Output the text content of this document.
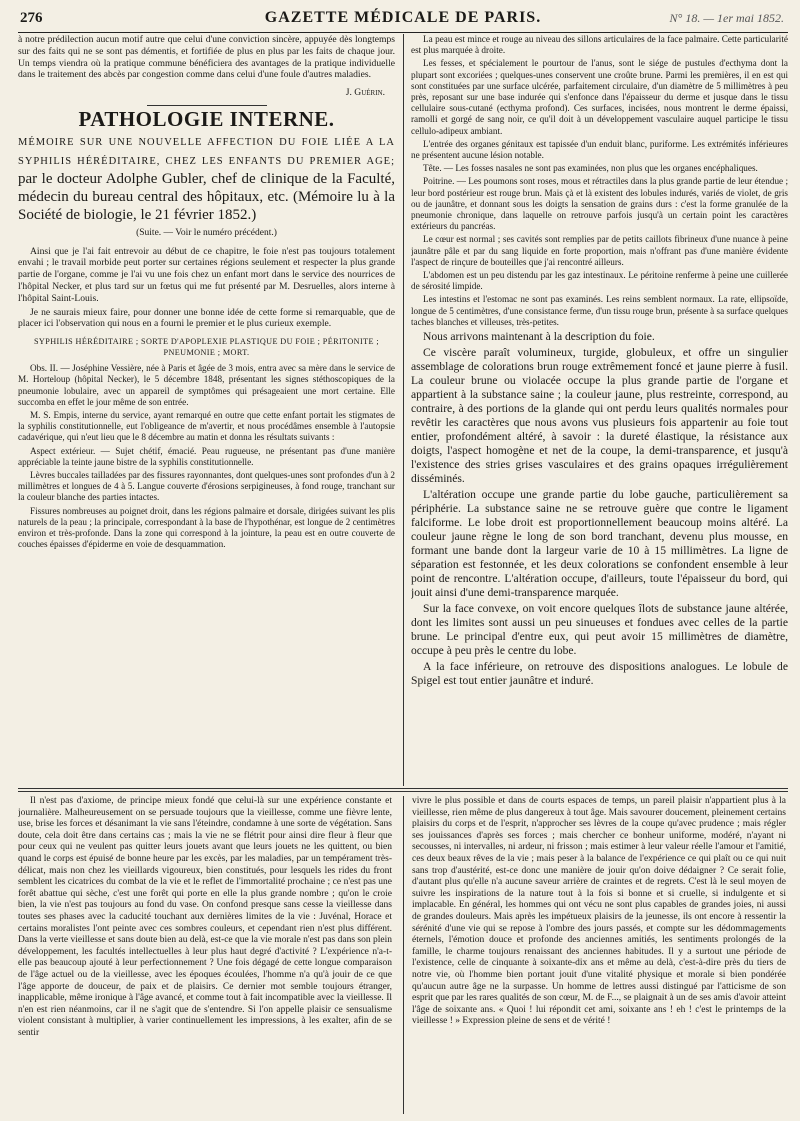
276	GAZETTE MÉDICALE DE PARIS.	N° 18. — 1er mai 1852.

à notre prédilection aucun motif autre que celui d'une conviction sincère, appuyée dès longtemps sur des faits qui ne se sont pas démentis, et fortifiée de plus en plus par les faits de chaque jour. Un temps viendra où la pratique commune bénéficiera des avantages de la pratique individuelle dans le traitement des abcès par congestion comme dans celui d'une foule d'autres maladies.

J. Guérin.
PATHOLOGIE INTERNE.
MÉMOIRE SUR UNE NOUVELLE AFFECTION DU FOIE LIÉE A LA SYPHILIS HÉRÉDITAIRE, CHEZ LES ENFANTS DU PREMIER AGE; par le docteur Adolphe Gubler, chef de clinique de la Faculté, médecin du bureau central des hôpitaux, etc. (Mémoire lu à la Société de biologie, le 21 février 1852.)
(Suite. — Voir le numéro précédent.)

Ainsi que je l'ai fait entrevoir au début de ce chapitre, le foie n'est pas toujours totalement envahi ; le travail morbide peut porter sur certaines régions seulement et respecter la plus grande partie de l'organe, comme je l'ai vu une fois chez un enfant mort dans le service des nourrices de l'hôpital Necker, et plus tard sur un fœtus qui me fut présenté par M. Desruelles, alors interne à l'hôpital Saint-Louis.

Je ne saurais mieux faire, pour donner une bonne idée de cette forme si remarquable, que de placer ici l'observation qui nous en a fourni le premier et le plus curieux exemple.

SYPHILIS HÉRÉDITAIRE ; SORTE D'APOPLEXIE PLASTIQUE DU FOIE ; PÉRITONITE ; PNEUMONIE ; MORT.

Obs. II. — Joséphine Vessière, née à Paris et âgée de 3 mois, entra avec sa mère dans le service de M. Horteloup (hôpital Necker), le 5 décembre 1848, présentant les signes stéthoscopiques de la pneumonie lobulaire, avec un appareil de symptômes qui présageaient une mort certaine. Elle succomba en effet le jour même de son entrée.

M. S. Empis, interne du service, ayant remarqué en outre que cette enfant portait les stigmates de la syphilis constitutionnelle, eut l'obligeance de m'avertir, et nous procédâmes ensemble à l'autopsie cadavérique, qui n'eut lieu que le 8 décembre au matin et donna les résultats suivants :

Aspect extérieur. — Sujet chétif, émacié. Peau rugueuse, ne présentant pas d'une manière appréciable la teinte jaune bistre de la syphilis constitutionnelle.

Lèvres buccales tailladées par des fissures rayonnantes, dont quelques-unes sont profondes d'un à 2 millimètres et longues de 4 à 5. Langue couverte d'érosions serpigineuses, à fond rouge, tranchant sur la couleur blanche des parties intactes.

Fissures nombreuses au poignet droit, dans les régions palmaire et dorsale, dirigées suivant les plis naturels de la peau ; la principale, correspondant à la base de l'hypothénar, est longue de 2 centimètres environ et très-profonde. Dans la zone qui correspond à la jointure, la peau est en outre couverte de couches épaisses d'épiderme en voie de desquammation.

La peau est mince et rouge au niveau des sillons articulaires de la face palmaire. Cette particularité est plus marquée à droite.

Les fesses, et spécialement le pourtour de l'anus, sont le siége de pustules d'ecthyma dont la plupart sont excoriées ; quelques-unes conservent une croûte brune. Parmi les premières, il en est qui sont constituées par une surface ulcérée, parfaitement circulaire, d'un diamètre de 5 millimètres à peu près, reposant sur une base indurée qui s'enfonce dans l'épaisseur du derme et jusque dans le tissu cellulaire sous-cutané (ecthyma profond). Ces surfaces, incisées, nous montrent le derme épaissi, ramolli et gorgé de sang noir, ce qu'il doit à un développement vasculaire auquel participe le tissu cellulo-adipeux ambiant.

L'entrée des organes génitaux est tapissée d'un enduit blanc, puriforme. Les extrémités inférieures ne présentent aucune lésion notable.

Tête. — Les fosses nasales ne sont pas examinées, non plus que les organes encéphaliques.

Poitrine. — Les poumons sont roses, mous et rétractiles dans la plus grande partie de leur étendue ; leur bord postérieur est rouge brun. Mais çà et là existent des lobules indurés, variés de violet, de gris ou de jaunâtre, et donnant sous les doigts la sensation de grains durs : c'est la forme granulée de la pneumonie chronique, dans laquelle on retrouve parfois jusqu'à un certain point les caractères extérieurs du pancréas.

Le cœur est normal ; ses cavités sont remplies par de petits caillots fibrineux d'une nuance à peine jaunâtre pâle et par du sang liquide en forte proportion, mais n'offrant pas d'une manière évidente l'aspect de rinçure de bouteilles que j'ai rencontré ailleurs.

L'abdomen est un peu distendu par les gaz intestinaux. Le péritoine renferme à peine une cuillerée de sérosité limpide.

Les intestins et l'estomac ne sont pas examinés. Les reins semblent normaux. La rate, ellipsoïde, longue de 5 centimètres, d'une consistance ferme, d'un tissu rouge brun, présente à sa surface quelques taches blanches et villeuses, très-petites.

Nous arrivons maintenant à la description du foie.

Ce viscère paraît volumineux, turgide, globuleux, et offre un singulier assemblage de colorations brun rouge extrêmement foncé et jaune pierre à fusil. La couleur brune ou violacée occupe la plus grande partie de l'organe et appartient à la substance saine ; la couleur jaune, plus restreinte, correspond, au contraire, à des portions de la glande qui ont perdu leurs qualités normales pour revêtir les caractères que nous avons vus plusieurs fois appartenir au foie tout entier, profondément altéré, à savoir : la dureté élastique, la résistance aux doigts, l'aspect homogène et net de la coupe, la demi-transparence, et jusqu'à l'existence des stries grises vasculaires et des grains opaques irrégulièrement disséminés.

L'altération occupe une grande partie du lobe gauche, particulièrement sa périphérie. La substance saine ne se retrouve guère que contre le ligament falciforme. Le lobe droit est proportionnellement beaucoup moins altéré. La couleur jaune règne le long de son bord tranchant, devenu plus mousse, en formant une bande dont la largeur varie de 10 à 15 millimètres. La ligne de séparation est festonnée, et les deux colorations se confondent ensemble à leur point de rencontre. L'altération occupe, d'ailleurs, toute l'épaisseur du bord, qui jouit ainsi d'une demi-transparence marquée.

Sur la face convexe, on voit encore quelques îlots de substance jaune altérée, dont les limites sont aussi un peu sinueuses et fondues avec celles de la partie brune. Le principal d'entre eux, qui peut avoir 15 millimètres de diamètre, occupe à peu près le centre du lobe.

A la face inférieure, on retrouve des dispositions analogues. Le lobule de Spigel est tout entier jaunâtre et induré.

Il n'est pas d'axiome, de principe mieux fondé que celui-là sur une expérience constante et journalière. Malheureusement on se persuade toujours que la vieillesse, comme une fièvre lente, use, brise les forces et désanimant la vie sans l'éteindre, condamne à une sorte de végétation. Sans doute, cela doit être dans certains cas ; mais la vie ne se flétrit pour ainsi dire fleur à fleur que pour ceux qui ne veulent pas quitter leurs jouets avant que leurs jouets ne les quittent, ou bien quand le corps est épuisé de bonne heure par les excès, par les maladies, par un tempérament très-délicat, mais non chez les vieillards vigoureux, bien constitués, pour lesquels les rides du front semblent les cicatrices du combat de la vie et le reflet de l'immortalité prochaine ; ce n'est pas une forêt abattue qui sèche, c'est une forêt qui porte en elle la plus grande nombre ; qu'on le croie bien, la vie n'est pas toujours au fond du vase. On confond presque sans cesse la vieillesse dans toutes ses phases avec la caducité touchant aux dernières limites de la vie : Juvénal, Horace et certains moralistes l'ont peinte avec ces sombres couleurs, et cependant rien n'est plus différent. Dans la verte vieillesse et sans doute bien au delà, est-ce que la vie morale n'est pas dans son plein développement, les facultés intellectuelles à leur plus haut degré d'activité ? L'expérience n'a-t-elle pas beaucoup ajouté à leur perfectionnement ? Une fois dégagé de cette longue comparaison de l'âge actuel ou de la vieillesse, avec les époques écoulées, l'homme n'a qu'à jouir de ce que l'âge apporte de douceur, de paix et de plaisirs. Ce dernier mot semble toujours étranger, inapplicable, même ironique à l'âge avancé, et comme tout à fait incompatible avec la vieillesse. Il n'en est rien néanmoins, car il ne s'agit que de s'entendre. Si l'on appelle plaisir ce sensualisme violent consistant à multiplier, à varier continuellement les impressions, à les exalter, afin de se sentir

vivre le plus possible et dans de courts espaces de temps, un pareil plaisir n'appartient plus à la vieillesse, rien même de plus dangereux à tout âge. Mais savourer doucement, pleinement certains plaisirs du corps et de l'esprit, n'approcher ses lèvres de la coupe qu'avec prudence ; mais régler ses jouissances d'après ses forces ; mais chercher ce bonheur uniforme, modéré, n'ayant ni secousses, ni intervalles, ni ardeur, ni frisson ; mais estimer à leur valeur réelle l'amour et l'amitié, ces deux beaux rêves de la vie ; mais peser à la balance de l'expérience ce qui plaît ou ce qui nuit sans trop d'austérité, est-ce donc une manière de jouir qu'on doive dédaigner ? Ce serait folie, d'autant plus qu'elle n'a aucune saveur arrière de craintes et de regrets. C'est là le seul moyen de suivre les inspirations de la nature tout à la fois si bonne et si cruelle, si indulgente et si implacable. En général, les hommes qui ont vécu ne sont plus capables de grandes joies, ni aussi de grandes douleurs. Mais après les impétueux plaisirs de la jeunesse, ils ont encore à ressentir la sérénité d'une vie qui se repose à l'ombre des jours passés, et compte sur les dédommagements éternels, l'émotion douce et profonde des anciennes amitiés, les sentiments prolongés de la famille, le charme toujours renaissant des anciennes habitudes. Il y a surtout une période de l'existence, celle de cinquante à soixante-dix ans et même au delà, c'est-à-dire près du tiers de notre vie, où l'homme bien portant jouit d'une vitalité physique et morale si bien pondérée qu'aucun autre âge ne la surpasse. Un homme de lettres aussi distingué par l'atticisme de son esprit que par les rares qualités de son cœur, M. de F..., se plaignait à un de ses amis d'avoir atteint l'âge de soixante ans. « Quoi ! lui répondit cet ami, soixante ans ! eh ! c'est le printemps de la vieillesse ! » Expression pleine de sens et de vérité !
